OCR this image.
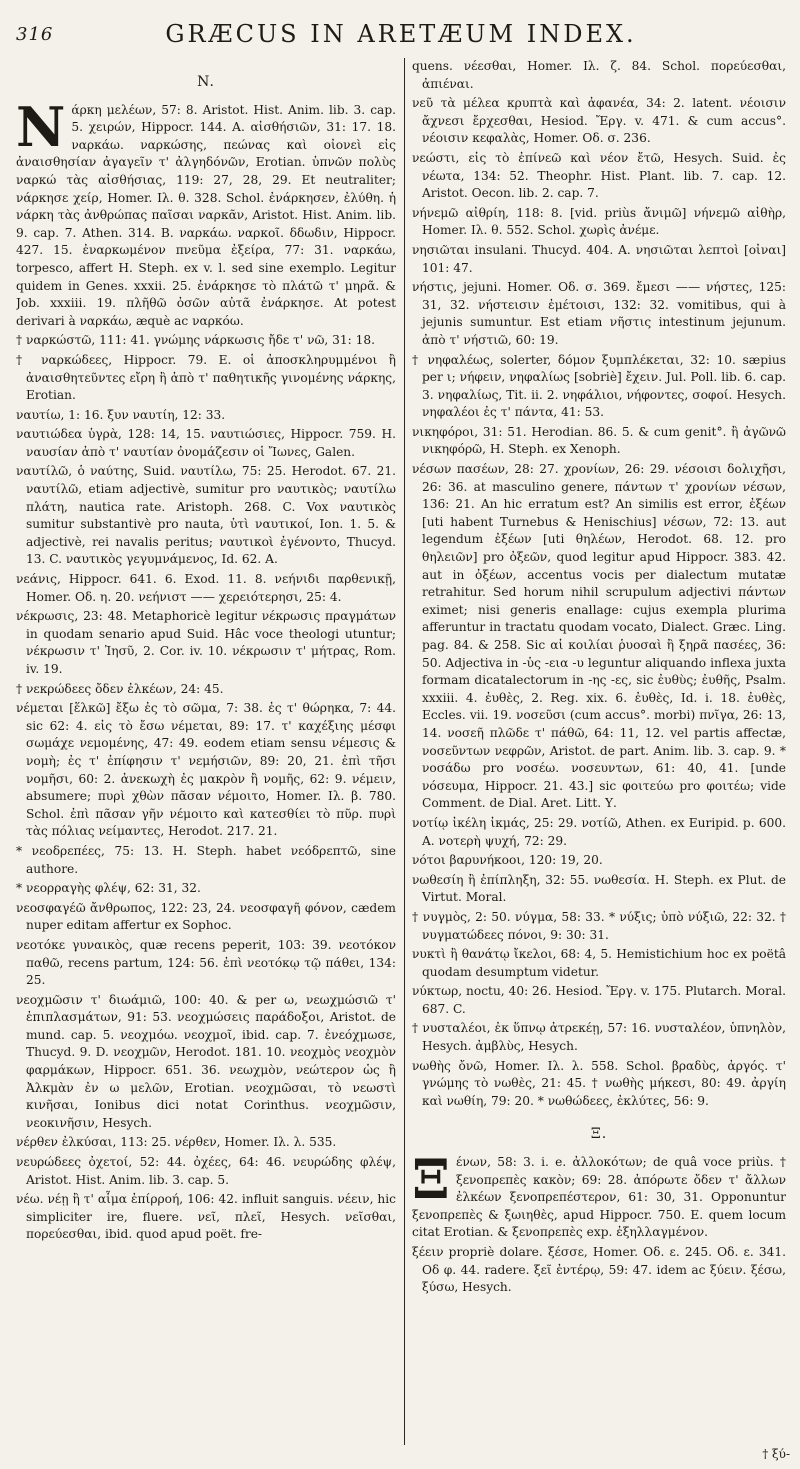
316	GRÆCUS IN ARETÆUM INDEX.
N.

Nάρκη μελέων, 57: 8. Aristot. Hist. Anim. lib. 3. cap. 5. χειρών, Hippocr. 144. A. αἰσθήσιῶν, 31: 17. 18. ναρκάω. ναρκώσης, πεώνας καὶ οἰονεὶ εἰς ἀναισθησίαν ἀγαγεῖν τ' ἀλγηδόνῶν, Erotian. ὑπνῶν πολὺς ναρκώ τὰς αἰσθήσιας, 119: 27, 28, 29. Et neutraliter; νάρκησε χείρ, Homer. Ιλ. θ. 328. Schol. ἐνάρκησεν, ἐλύθη. ἡ νάρκη τὰς ἀνθρώπας παῖσαι ναρκᾶν, Aristot. Hist. Anim. lib. 9. cap. 7. Athen. 314. B. ναρκάω. ναρκοῖ. δδωδιν, Hippocr. 427. 15. ἐναρκωμένον πνεῦμα ἐξείρα, 77: 31. ναρκάω, torpesco, affert H. Steph. ex v. l. sed sine exemplo. Legitur quidem in Genes. xxxii. 25. ἐνάρκησε τὸ πλάτῶ τ' μηρᾶ. & Job. xxxiii. 19. πλῆθῶ ὀσῶν αὐτᾶ ἐνάρκησε. At potest derivari à ναρκάω, æquè ac ναρκόω.

† ναρκώστῶ, 111: 41. γνώμης νάρκωσις ἤδε τ' νῶ, 31: 18.

† ναρκώδεες, Hippocr. 79. E. οἱ ἀποσκληρυμμένοι ἢ ἀναισθητεῦντες εἴρη ἢ ἀπὸ τ' παθητικῆς γινομένης νάρκης, Erotian.

ναυτίω, 1: 16. ξυν ναυτίη, 12: 33.

ναυτιώδεα ὑγρὰ, 128: 14, 15. ναυτιώσιες, Hippocr. 759. H. ναυσίαν ἀπὸ τ' ναυτίαν ὀνομάζεσιν οἱ Ἴωνες, Galen.

ναυτίλῶ, ὁ ναύτης, Suid. ναυτίλω, 75: 25. Herodot. 67. 21. ναυτίλῶ, etiam adjectivè, sumitur pro ναυτικὸς; ναυτίλω πλάτη, nautica rate. Aristoph. 268. C. Vox ναυτικὸς sumitur substantivè pro nauta, ὑτὶ ναυτικοί, Ion. 1. 5. & adjectivè, rei navalis peritus; ναυτικοὶ ἐγένοντο, Thucyd. 13. C. ναυτικὸς γεγυμνάμενος, Id. 62. A.

νεάνις, Hippocr. 641. 6. Exod. 11. 8. νεήνιδι παρθενικῇ, Homer. Οδ. η. 20. νεήνιστ —— χερειότερησι, 25: 4.

νέκρωσις, 23: 48. Metaphoricè legitur νέκρωσις πραγμάτων in quodam senario apud Suid. Hâc voce theologi utuntur; νέκρωσιν τ' Ἰησῦ, 2. Cor. iv. 10. νέκρωσιν τ' μήτρας, Rom. iv. 19.

† νεκρώδεες ὄδεν ἐλκέων, 24: 45.

νέμεται [ἕλκῶ] ἔξω ἐς τὸ σῶμα, 7: 38. ἐς τ' θώρηκα, 7: 44. sic 62: 4. εἰς τὸ ἔσω νέμεται, 89: 17. τ' καχέξιης μέσφι σωμάχε νεμομένης, 47: 49. eodem etiam sensu νέμεσις & νομὴ; ἐς τ' ἐπίφησιν τ' νεμήσιῶν, 89: 20, 21. ἐπὶ τῆσι νομῆσι, 60: 2. ἀνεκωχὴ ἐς μακρὸν ἢ νομῆς, 62: 9. νέμειν, absumere; πυρὶ χθὼν πᾶσαν νέμοιτο, Homer. Ιλ. β. 780. Schol. ἐπὶ πᾶσαν γῆν νέμοιτο καὶ κατεσθίει τὸ πῦρ. πυρὶ τὰς πόλιας νείμαντες, Herodot. 217. 21.

* νεοδρεπέες, 75: 13. H. Steph. habet νεόδρεπτῶ, sine authore.

* νεορραγὴς φλέψ, 62: 31, 32.

νεοσφαγέῶ ἄνθρωπος, 122: 23, 24. νεοσφαγῆ φόνον, cædem nuper editam affertur ex Sophoc.

νεοτόκε γυναικὸς, quæ recens peperit, 103: 39. νεοτόκον παθῶ, recens partum, 124: 56. ἐπὶ νεοτόκῳ τῷ πάθει, 134: 25.

νεοχμῶσιν τ' διωάμιῶ, 100: 40. & per ω, νεωχμώσιῶ τ' ἐπιπλασμάτων, 91: 53. νεοχμώσεις παράδοξοι, Aristot. de mund. cap. 5. νεοχμόω. νεοχμοῖ, ibid. cap. 7. ἐνεόχμωσε, Thucyd. 9. D. νεοχμῶν, Herodot. 181. 10. νεοχμὸς νεοχμὸν φαρμάκων, Hippocr. 651. 36. νεωχμὸν, νεώτερον ὡς ἢ Ἀλκμὰν ἐν ω μελῶν, Erotian. νεοχμῶσαι, τὸ νεωστὶ κινῆσαι, Ionibus dici notat Corinthus. νεοχμῶσιν, νεοκινῆσιν, Hesych.

νέρθεν ἐλκύσαι, 113: 25. νέρθεν, Homer. Ιλ. λ. 535.

νευρώδεες ὀχετοί, 52: 44. ὀχέες, 64: 46. νευρώδης φλέψ, Aristot. Hist. Anim. lib. 3. cap. 5.

νέω. νέῃ ἢ τ' αἷμα ἐπίρροή, 106: 42. influit sanguis. νέειν, hic simpliciter ire, fluere. νεῖ, πλεῖ, Hesych. νεῖσθαι, πορεύεσθαι, ibid. quod apud poët. fre-

quens. νέεσθαι, Homer. Ιλ. ζ. 84. Schol. πορεύεσθαι, ἀπιέναι.

νεῦ τὰ μέλεα κρυπτὰ καὶ ἀφανέα, 34: 2. latent. νέοισιν ἄχνεσι ἔρχεσθαι, Hesiod. Ἔργ. v. 471. & cum accus°. νέοισιν κεφαλὰς, Homer. Οδ. σ. 236.

νεώστι, εἰς τὸ ἐπίνεῶ καὶ νέον ἔτῶ, Hesych. Suid. ἐς νέωτα, 134: 52. Theophr. Hist. Plant. lib. 7. cap. 12. Aristot. Oecon. lib. 2. cap. 7.

νήνεμῶ αἰθρίη, 118: 8. [vid. priùs ἄνιμῶ] νήνεμῶ αἰθὴρ, Homer. Ιλ. θ. 552. Schol. χωρὶς ἀνέμε.

νησιῶται insulani. Thucyd. 404. A. νησιῶται λεπτοὶ [οἰναι] 101: 47.

νήστις, jejuni. Homer. Οδ. σ. 369. ἔμεσι —— νήστες, 125: 31, 32. νήστεισιν ἐμέτοισι, 132: 32. vomitibus, qui à jejunis sumuntur. Est etiam νῆστις intestinum jejunum. ἀπὸ τ' νήστιῶ, 60: 19.

† νηφαλέως, solerter, δόμον ξυμπλέκεται, 32: 10. sæpius per ι; νήφειν, νηφαλίως [sobriè] ἔχειν. Jul. Poll. lib. 6. cap. 3. νηφαλίως, Tit. ii. 2. νηφάλιοι, νήφοντες, σοφοί. Hesych. νηφαλέοι ἐς τ' πάντα, 41: 53.

νικηφόροι, 31: 51. Herodian. 86. 5. & cum genit°. ἢ ἀγῶνῶ νικηφόρῶ, H. Steph. ex Xenoph.

νέσων πασέων, 28: 27. χρονίων, 26: 29. νέσοισι δολιχῆσι, 26: 36. at masculino genere, πάντων τ' χρονίων νέσων, 136: 21. An hic erratum est? An similis est error, ἐξέων [uti habent Turnebus & Henischius] νέσων, 72: 13. aut legendum ἐξέων [uti θηλέων, Herodot. 68. 12. pro θηλειῶν] pro ὀξεῶν, quod legitur apud Hippocr. 383. 42. aut in ὀξέων, accentus vocis per dialectum mutatæ retrahitur. Sed horum nihil scrupulum adjectivi πάντων eximet; nisi generis enallage: cujus exempla plurima afferuntur in tractatu quodam vocato, Dialect. Græc. Ling. pag. 84. & 258. Sic αἱ κοιλίαι ῥυοσαὶ ἢ ξηρᾶ πασέες, 36: 50. Adjectiva in -ὑς -εια -υ leguntur aliquando inflexa juxta formam dicatalectorum in -ης -ες, sic ἐυθὺς; ἐυθῆς, Psalm. xxxiii. 4. ἐυθὲς, 2. Reg. xix. 6. ἐυθὲς, Id. i. 18. ἐυθὲς, Eccles. vii. 19. νοσεῦσι (cum accus°. morbi) πνῖγα, 26: 13, 14. νοσεῆ πλῶδε τ' πάθῶ, 64: 11, 12. vel partis affectæ, νοσεῦντων νεφρῶν, Aristot. de part. Anim. lib. 3. cap. 9. * νοσάδω pro νοσέω. νοσευντων, 61: 40, 41. [unde νόσευμα, Hippocr. 21. 43.] sic φοιτεύω pro φοιτέω; vide Comment. de Dial. Aret. Litt. Υ.

νοτίῳ ἰκέλη ἰκμάς, 25: 29. νοτίῶ, Athen. ex Euripid. p. 600. A. νοτερὴ ψυχή, 72: 29.

νότοι βαρυνήκοοι, 120: 19, 20.

νωθεσίη ἢ ἐπίπληξη, 32: 55. νωθεσία. H. Steph. ex Plut. de Virtut. Moral.

† νυγμὸς, 2: 50. νύγμα, 58: 33. * νύξις; ὑπὸ νύξιῶ, 22: 32. † νυγματώδεες πόνοι, 9: 30: 31.

νυκτὶ ἢ θανάτῳ ἴκελοι, 68: 4, 5. Hemistichium hoc ex poëtâ quodam desumptum videtur.

νύκτωρ, noctu, 40: 26. Hesiod. Ἔργ. v. 175. Plutarch. Moral. 687. C.

† νυσταλέοι, ἐκ ὕπνῳ ἀτρεκέῃ, 57: 16. νυσταλέον, ὑπνηλὸν, Hesych. ἀμβλὺς, Hesych.

νωθὴς ὄνῶ, Homer. Ιλ. λ. 558. Schol. βραδὺς, ἀργός. τ' γνώμης τὸ νωθὲς, 21: 45. † νωθὴς μήκεσι, 80: 49. ἀργίη καὶ νωθίη, 79: 20. * νωθώδεες, ἐκλύτες, 56: 9.

Ξ.

Ξένων, 58: 3. i. e. ἀλλοκότων; de quâ voce priùs. † ξενοπρεπὲς κακὸν; 69: 28. ἀπόρωτε ὄδεν τ' ἄλλων ἐλκέων ξενοπρεπέστερον, 61: 30, 31. Opponuntur ξενοπρεπὲς & ξωιηθὲς, apud Hippocr. 750. E. quem locum citat Erotian. & ξενοπρεπὲς exp. ἐξηλλαγμένον.

ξέειν propriè dolare. ξέσσε, Homer. Οδ. ε. 245. Οδ. ε. 341. Οδ φ. 44. radere. ξεῖ ἐντέρῳ, 59: 47. idem ac ξύειν. ξέσω, ξύσω, Hesych.

† ξύ-
